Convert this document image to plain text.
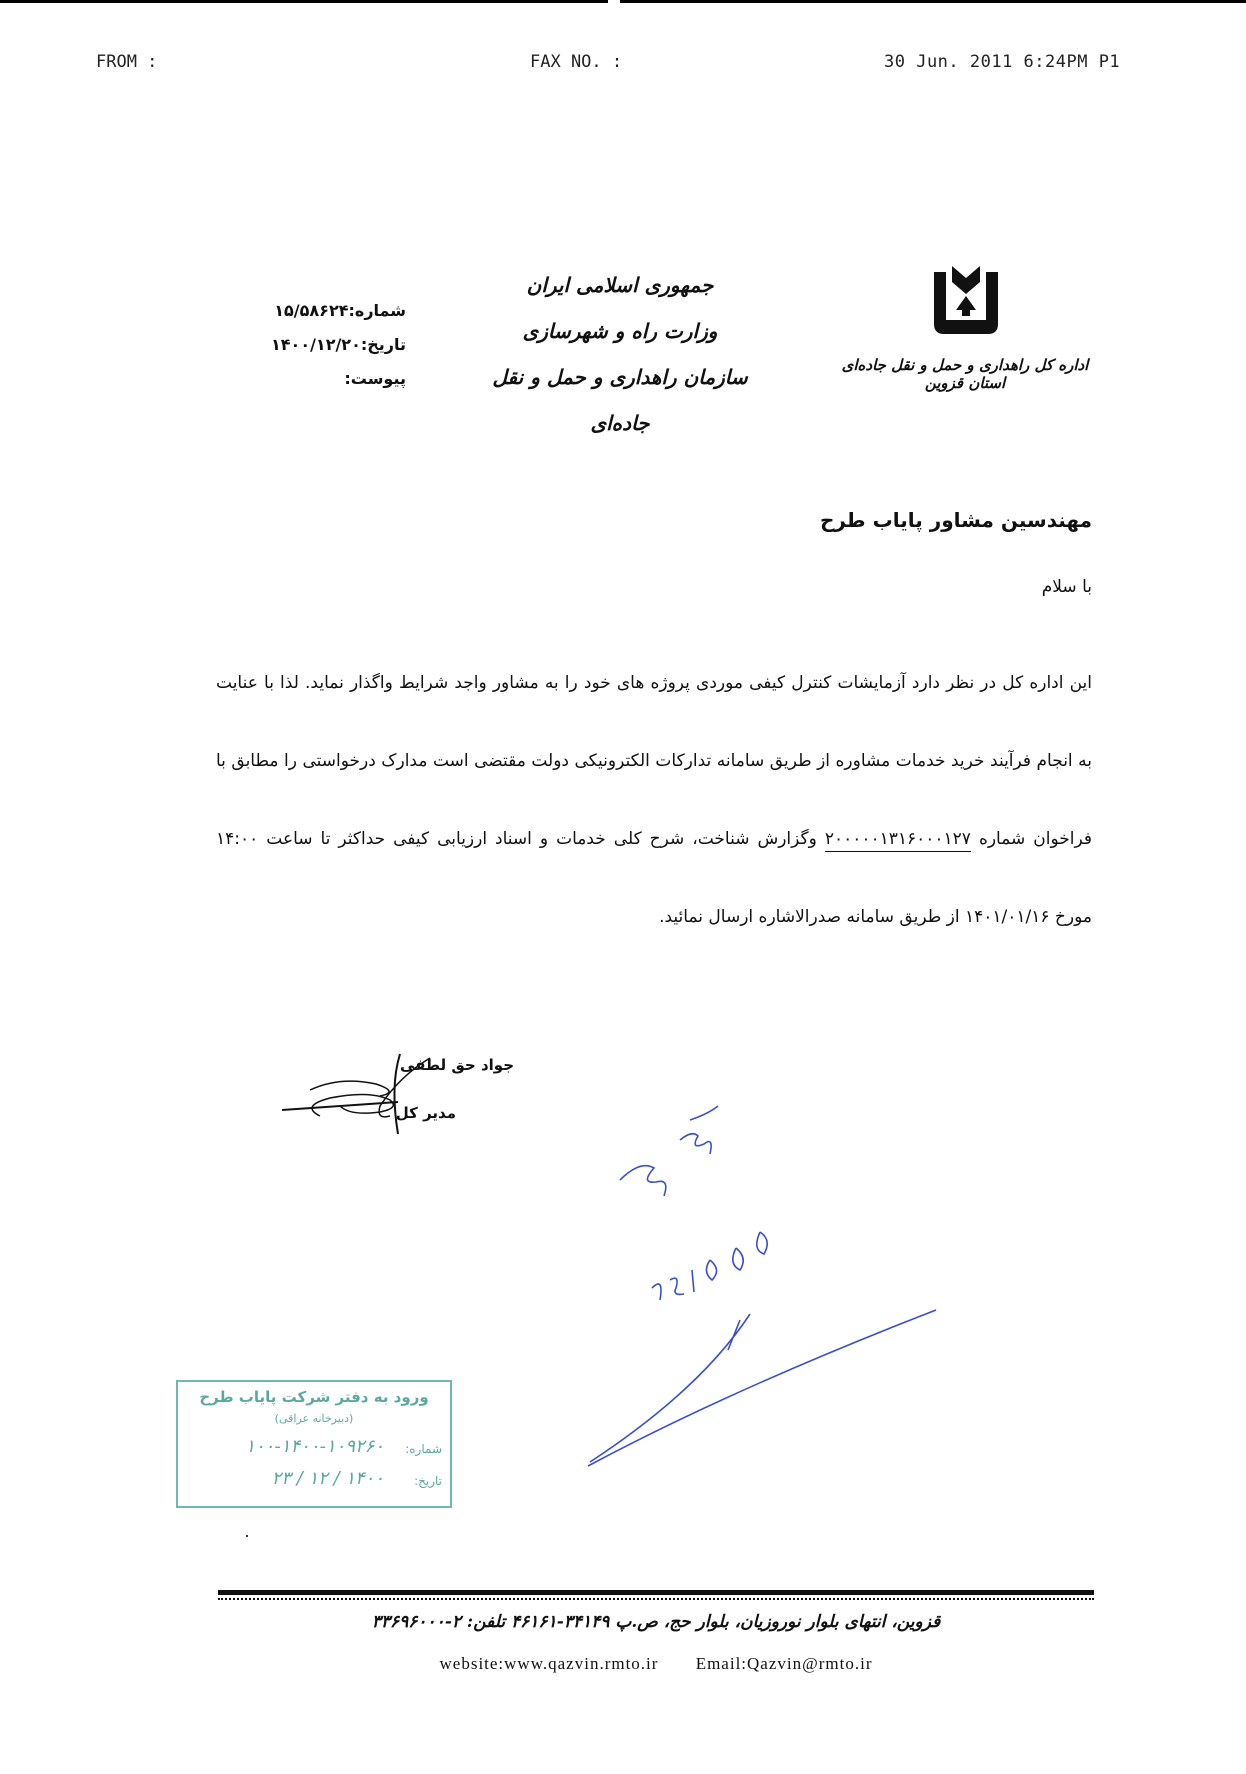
FROM :	FAX NO. :	30 Jun. 2011 6:24PM P1
اداره کل راهداری و حمل و نقل جاده‌ای استان قزوین
جمهوری اسلامی ایران
وزارت راه و شهرسازی
سازمان راهداری و حمل و نقل جاده‌ای
شماره:۱۵/۵۸۶۲۴
تاریخ:۱۴۰۰/۱۲/۲۰
پیوست:
مهندسین مشاور پایاب طرح
با سلام
این اداره کل در نظر دارد آزمایشات کنترل کیفی موردی پروژه های خود را به مشاور واجد شرایط واگذار نماید. لذا با عنایت به انجام فرآیند خرید خدمات مشاوره از طریق سامانه تدارکات الکترونیکی دولت مقتضی است مدارک درخواستی را مطابق با فراخوان شماره ۲۰۰۰۰۰۱۳۱۶۰۰۰۱۲۷ وگزارش شناخت، شرح کلی خدمات و اسناد ارزیابی کیفی حداکثر تا ساعت ۱۴:۰۰ مورخ ۱۴۰۱/۰۱/۱۶ از طریق سامانه صدرالاشاره ارسال نمائید.
جواد حق لطفی
مدیر کل
ورود به دفتر شرکت پایاب طرح
(دبیرخانه عراقی)
شماره:
۱۰۰-۱۴۰۰-۱۰۹۲۶۰
تاریخ:
۱۴۰۰ / ۱۲ / ۲۳
قزوین، انتهای بلوار نوروزیان، بلوار حج، ص.پ ۳۴۱۴۹-۴۶۱۶۱ تلفن: ۲-۳۳۶۹۶۰۰۰
website:www.qazvin.rmto.ir Email:Qazvin@rmto.ir
